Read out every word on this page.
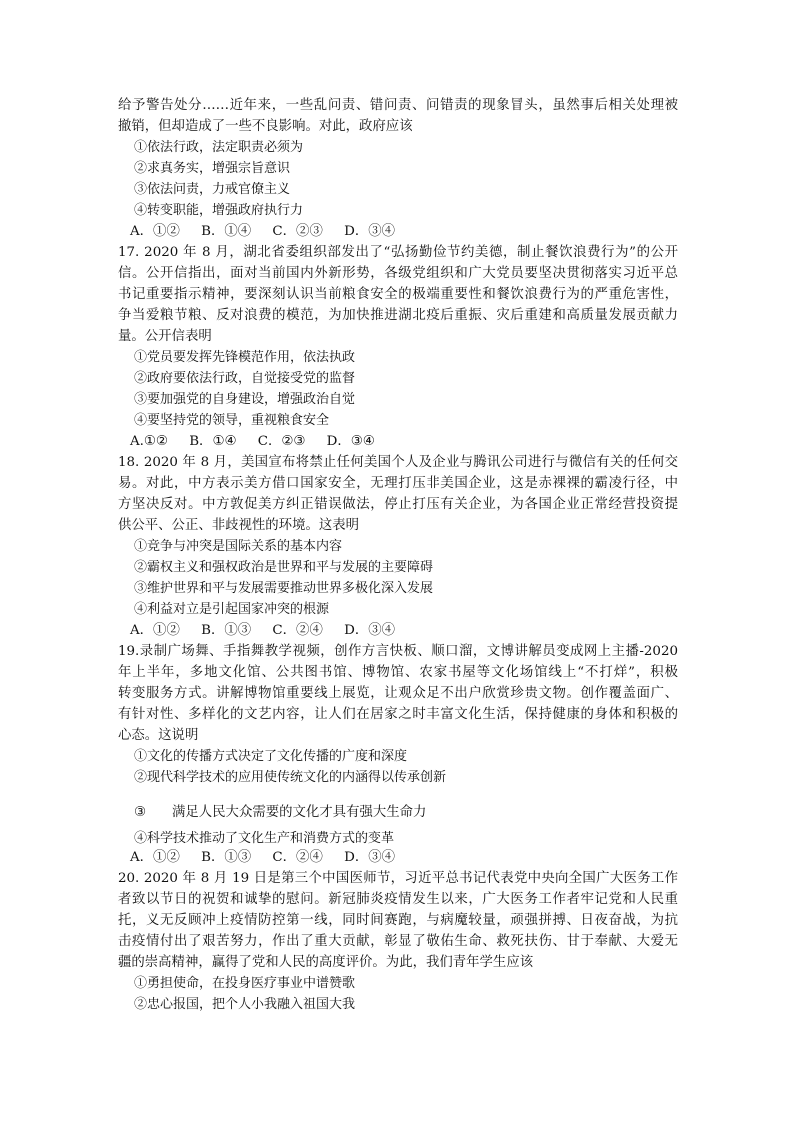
给予警告处分……近年来，一些乱问责、错问责、问错责的现象冒头，虽然事后相关处理被
撤销，但却造成了一些不良影响。对此，政府应该
①依法行政，法定职责必须为
②求真务实，增强宗旨意识
③依法问责，力戒官僚主义
④转变职能，增强政府执行力
A．①②     B．①④     C．②③     D．③④
17. 2020 年 8 月，湖北省委组织部发出了“弘扬勤俭节约美德，制止餐饮浪费行为”的公开
信。公开信指出，面对当前国内外新形势，各级党组织和广大党员要坚决贯彻落实习近平总
书记重要指示精神，要深刻认识当前粮食安全的极端重要性和餐饮浪费行为的严重危害性，
争当爱粮节粮、反对浪费的模范，为加快推进湖北疫后重振、灾后重建和高质量发展贡献力
量。公开信表明
①党员要发挥先锋模范作用，依法执政
②政府要依法行政，自觉接受党的监督
③要加强党的自身建设，增强政治自觉
④要坚持党的领导，重视粮食安全
A.①②     B．①④     C．②③     D．③④
18. 2020 年 8 月，美国宣布将禁止任何美国个人及企业与腾讯公司进行与微信有关的任何交
易。对此，中方表示美方借口国家安全，无理打压非美国企业，这是赤裸裸的霸凌行径，中
方坚决反对。中方敦促美方纠正错误做法，停止打压有关企业，为各国企业正常经营投资提
供公平、公正、非歧视性的环境。这表明
①竞争与冲突是国际关系的基本内容
②霸权主义和强权政治是世界和平与发展的主要障碍
③维护世界和平与发展需要推动世界多极化深入发展
④利益对立是引起国家冲突的根源
A．①②     B．①③     C．②④     D．③④
19.录制广场舞、手指舞教学视频，创作方言快板、顺口溜，文博讲解员变成网上主播-2020
年上半年，多地文化馆、公共图书馆、博物馆、农家书屋等文化场馆线上“不打烊”，积极
转变服务方式。讲解博物馆重要线上展览，让观众足不出户欣赏珍贵文物。创作覆盖面广、
有针对性、多样化的文艺内容，让人们在居家之时丰富文化生活，保持健康的身体和积极的
心态。这说明
①文化的传播方式决定了文化传播的广度和深度
②现代科学技术的应用使传统文化的内涵得以传承创新
③ 满足人民大众需要的文化才具有强大生命力
④科学技术推动了文化生产和消费方式的变革
A．①②     B．①③     C．②④     D．③④
20. 2020 年 8 月 19 日是第三个中国医师节，习近平总书记代表党中央向全国广大医务工作
者致以节日的祝贺和诚挚的慰问。新冠肺炎疫情发生以来，广大医务工作者牢记党和人民重
托，义无反顾冲上疫情防控第一线，同时间赛跑，与病魔较量，顽强拼搏、日夜奋战，为抗
击疫情付出了艰苦努力，作出了重大贡献，彰显了敬佑生命、救死扶伤、甘于奉献、大爱无
疆的崇高精神，赢得了党和人民的高度评价。为此，我们青年学生应该
①勇担使命，在投身医疗事业中谱赞歌
②忠心报国，把个人小我融入祖国大我
